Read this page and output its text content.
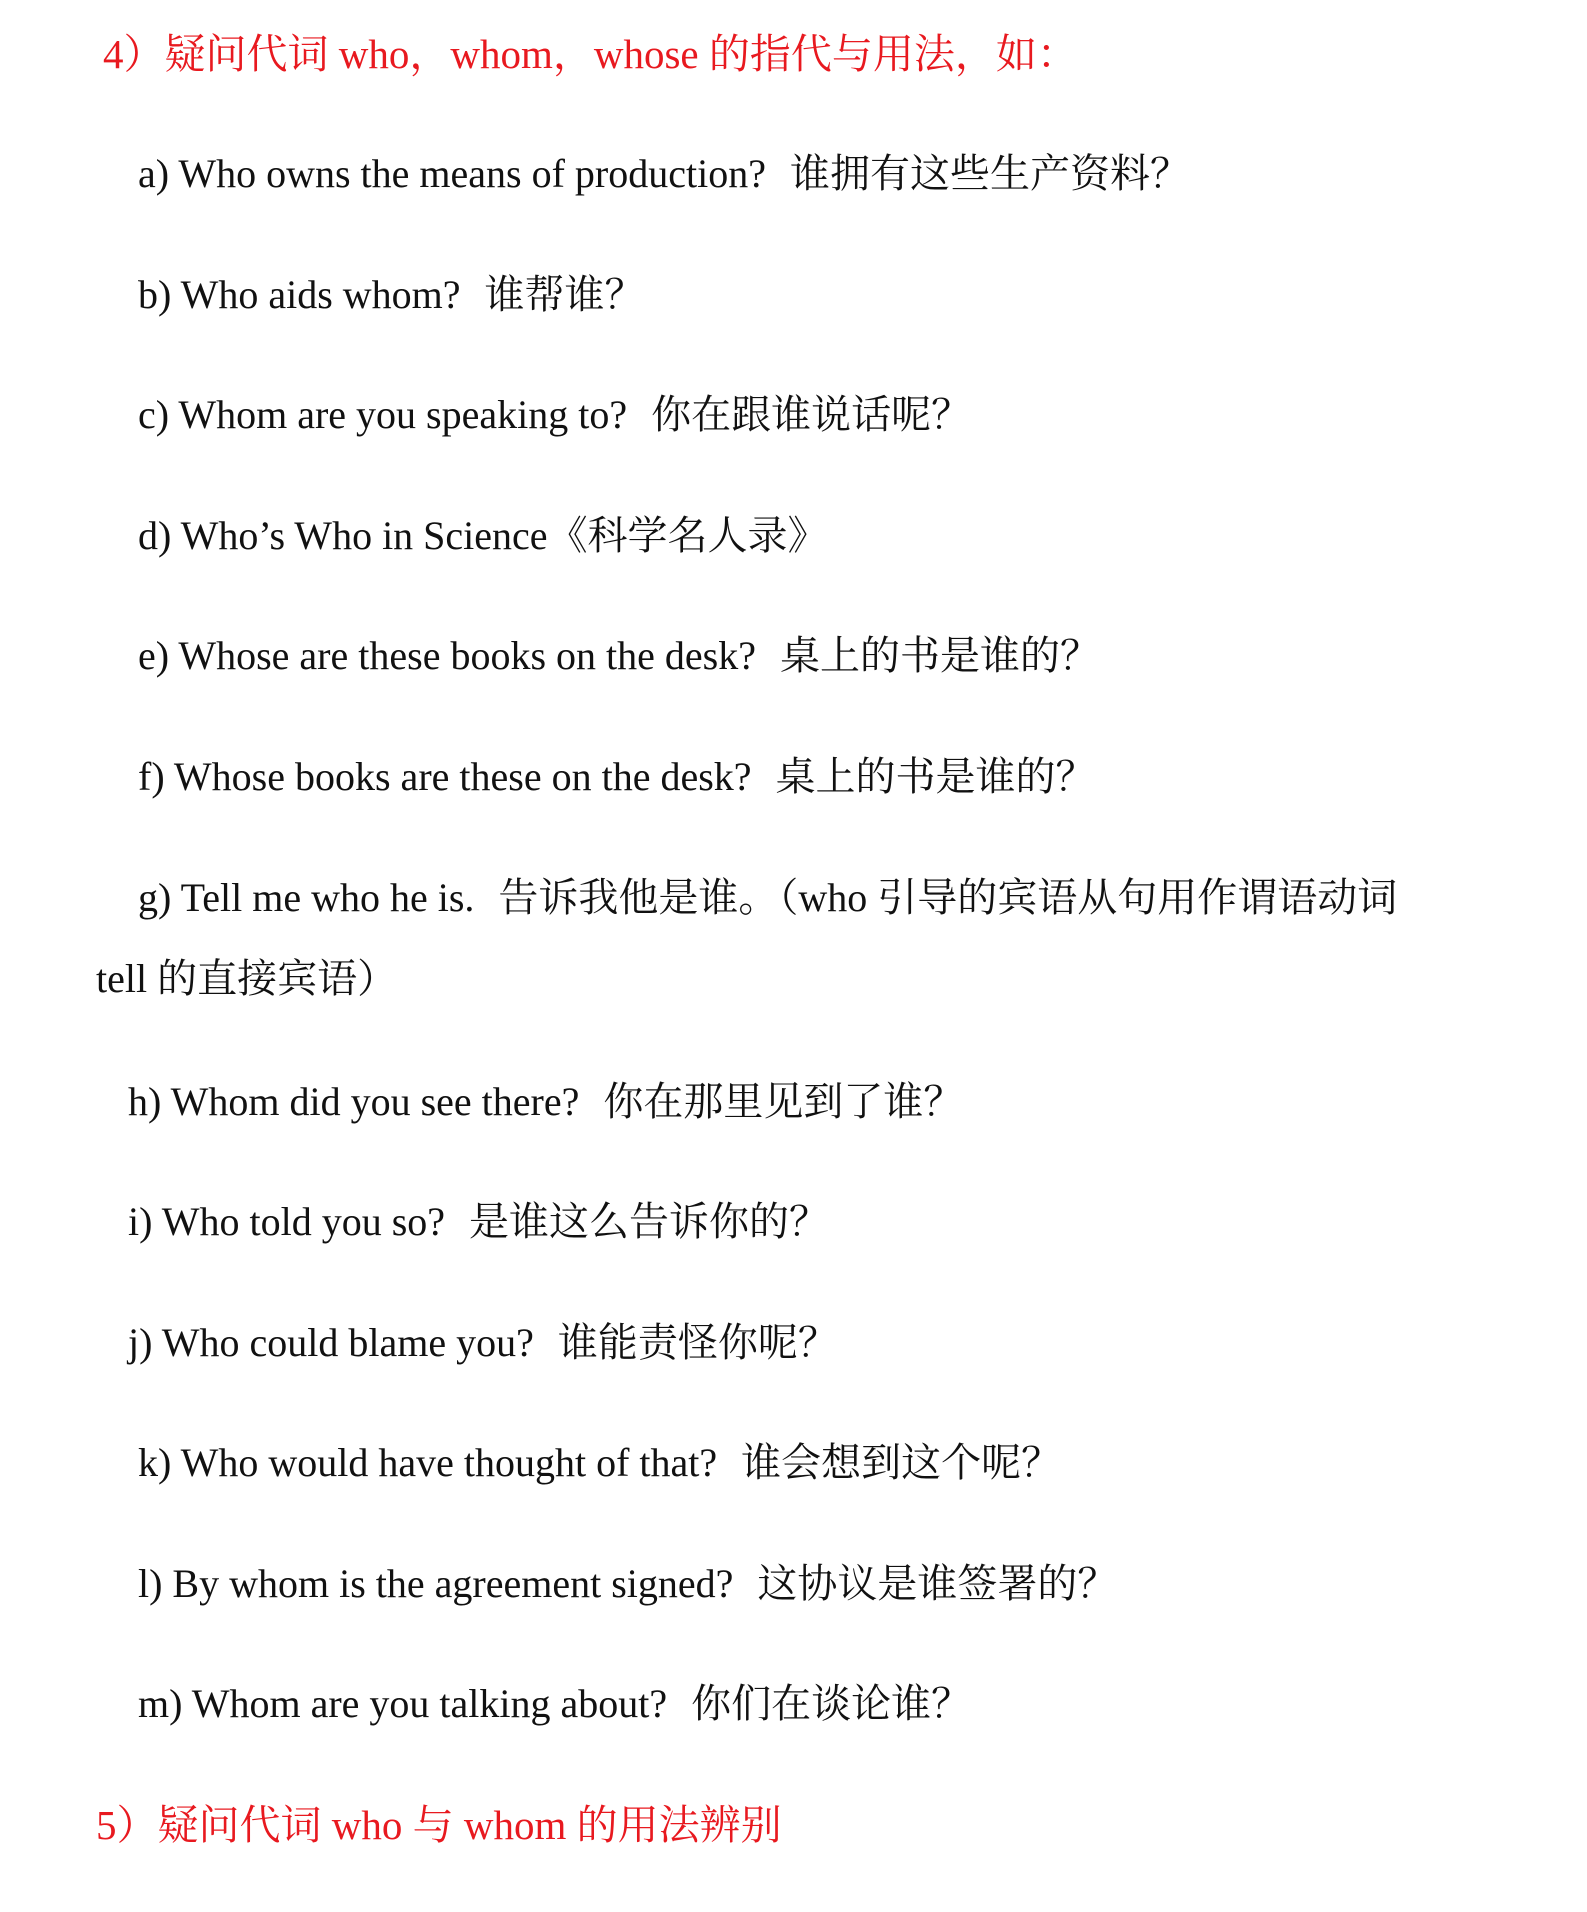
4）疑问代词 who，whom，whose 的指代与用法，如：
a) Who owns the means of production? 谁拥有这些生产资料？
b) Who aids whom? 谁帮谁？
c) Whom are you speaking to? 你在跟谁说话呢？
d) Who’s Who in Science《科学名人录》
e) Whose are these books on the desk? 桌上的书是谁的？
f) Whose books are these on the desk? 桌上的书是谁的？
g) Tell me who he is. 告诉我他是谁。（who 引导的宾语从句用作谓语动词
tell 的直接宾语）
h) Whom did you see there? 你在那里见到了谁？
i) Who told you so? 是谁这么告诉你的？
j) Who could blame you? 谁能责怪你呢？
k) Who would have thought of that? 谁会想到这个呢？
l) By whom is the agreement signed? 这协议是谁签署的？
m) Whom are you talking about? 你们在谈论谁？
5）疑问代词 who 与 whom 的用法辨别
